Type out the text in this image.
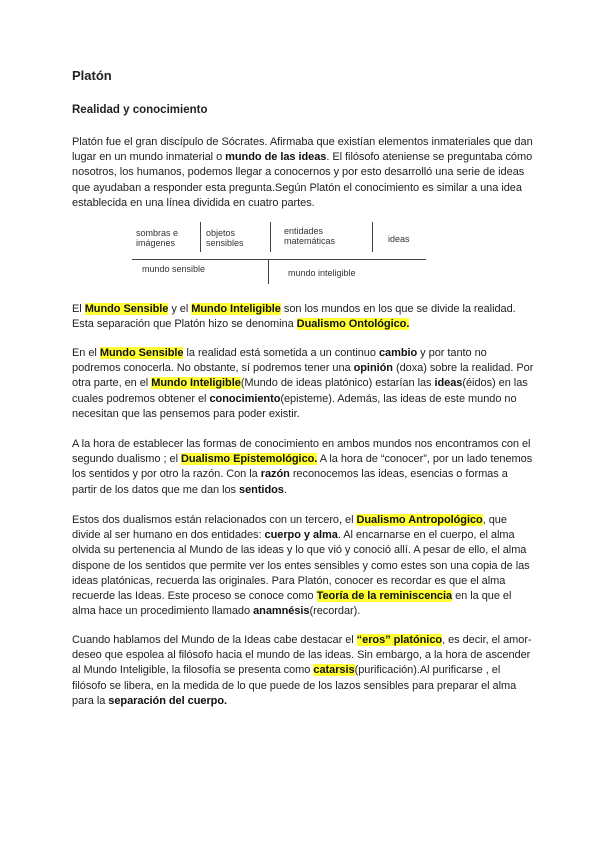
Platón
Realidad y conocimiento

Platón fue el gran discípulo de Sócrates. Afirmaba que existían elementos inmateriales que dan lugar en un mundo inmaterial o mundo de las ideas. El filósofo ateniense se preguntaba cómo nosotros, los humanos, podemos llegar a conocernos y por esto desarrolló una serie de ideas que ayudaban a responder esta pregunta.Según Platón el conocimiento es similar a una idea establecida en una línea dividida en cuatro partes.

sombras e imágenes
objetos sensibles
entidades matemáticas	ideas
mundo sensible	mundo inteligible

El Mundo Sensible y el Mundo Inteligible son los mundos en los que se divide la realidad. Esta separación que Platón hizo se denomina Dualismo Ontológico.

En el Mundo Sensible la realidad está sometida a un continuo cambio y por tanto no podremos conocerla. No obstante, sí podremos tener una opinión (doxa) sobre la realidad. Por otra parte, en el Mundo Inteligible(Mundo de ideas platónico) estarían las ideas(éidos) en las cuales podremos obtener el conocimiento(episteme). Además, las ideas de este mundo no necesitan que las pensemos para poder existir.

A la hora de establecer las formas de conocimiento en ambos mundos nos encontramos con el segundo dualismo ; el Dualismo Epistemológico. A la hora de “conocer”, por un lado tenemos los sentidos y por otro la razón. Con la razón reconocemos las ideas, esencias o formas a partir de los datos que me dan los sentidos.

Estos dos dualismos están relacionados con un tercero, el Dualismo Antropológico, que divide al ser humano en dos entidades: cuerpo y alma. Al encarnarse en el cuerpo, el alma olvida su pertenencia al Mundo de las ideas y lo que vió y conoció allí. A pesar de ello, el alma dispone de los sentidos que permite ver los entes sensibles y como estes son una copia de las ideas platónicas, recuerda las originales. Para Platón, conocer es recordar es que el alma recuerde las Ideas. Este proceso se conoce como Teoría de la reminiscencia en la que el alma hace un procedimiento llamado anamnésis(recordar).

Cuando hablamos del Mundo de la Ideas cabe destacar el “eros” platónico, es decir, el amor-deseo que espolea al filósofo hacia el mundo de las ideas. Sin embargo, a la hora de ascender al Mundo Inteligible, la filosofía se presenta como catarsis(purificación).Al purificarse , el filósofo se libera, en la medida de lo que puede de los lazos sensibles para preparar el alma para la separación del cuerpo.
